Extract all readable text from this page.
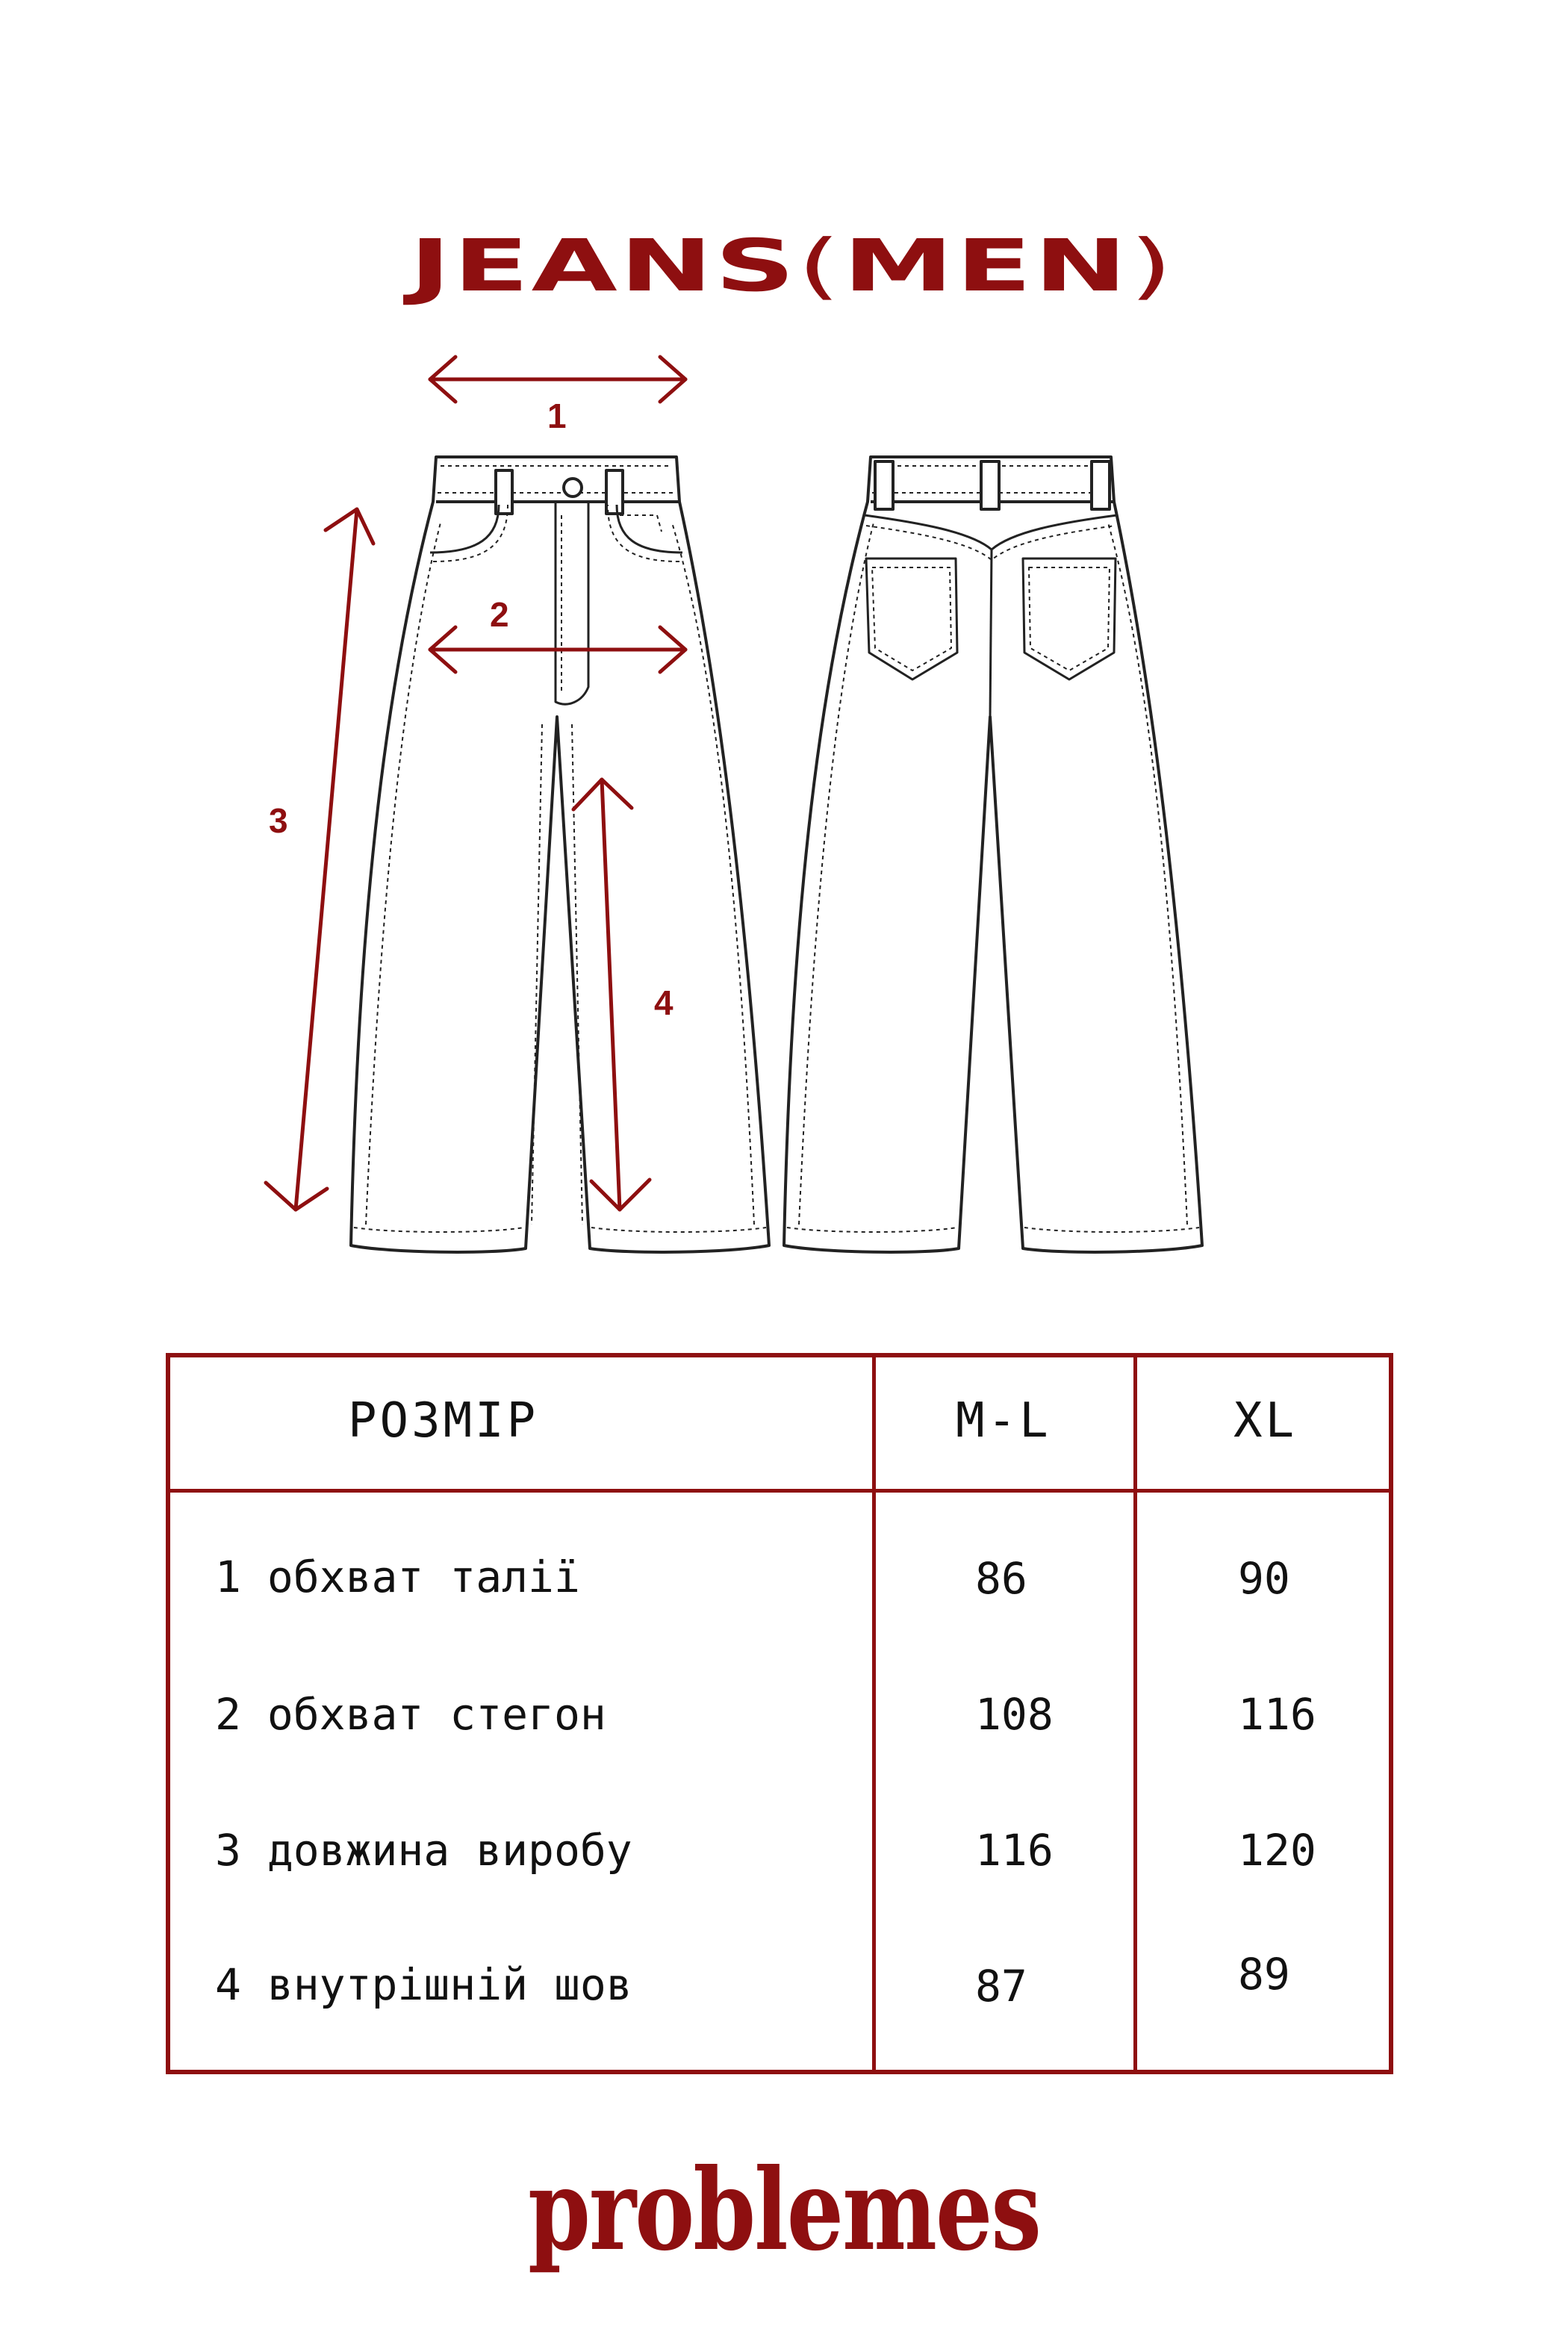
JEANS(MEN)
1
2
3
4
РОЗМІР	M-L	XL
1 обхват талії	86	90
2 обхват стегон	108	116
3 довжина виробу	116	120
4 внутрішній шов	87	89
problemes
